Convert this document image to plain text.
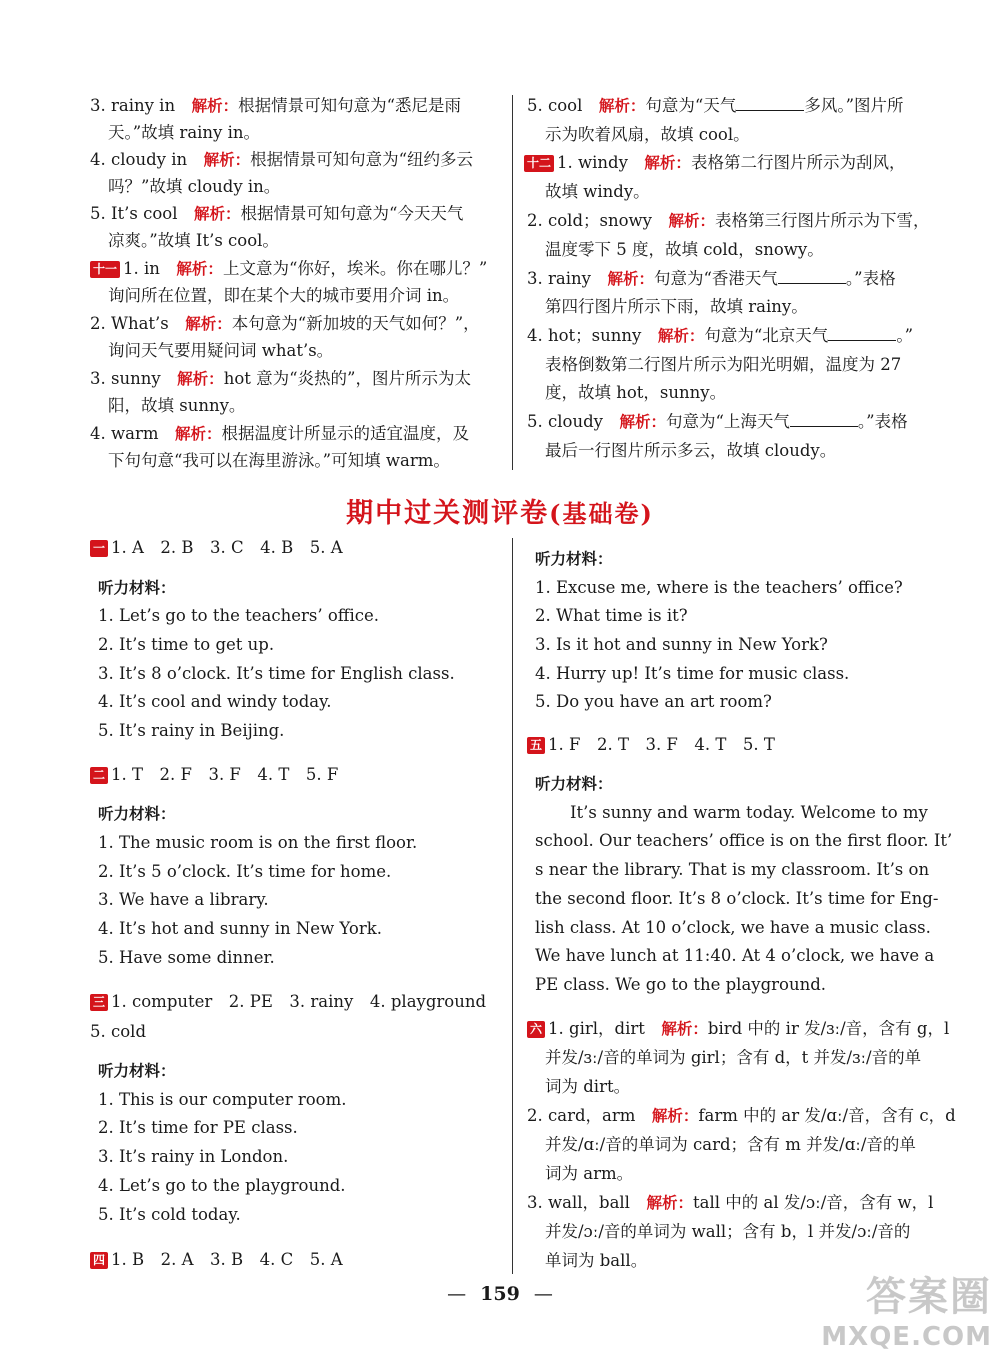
3. rainy in　 解析：根据情景可知句意为“悉尼是雨
天。”故填 rainy in。
4. cloudy in　 解析：根据情景可知句意为“纽约多云
吗？”故填 cloudy in。
5. It’s cool　 解析：根据情景可知句意为“今天天气
凉爽。”故填 It’s cool。
十一 1. in　 解析：上文意为“你好，埃米。你在哪儿？”
询问所在位置，即在某个大的城市要用介词 in。
2. What’s　 解析：本句意为“新加坡的天气如何？”，
询问天气要用疑问词 what’s。
3. sunny　 解析：hot 意为“炎热的”，图片所示为太
阳，故填 sunny。
4. warm　 解析：根据温度计所显示的适宜温度，及
下句句意“我可以在海里游泳。”可知填 warm。
5. cool　 解析：句意为“天气	多风。”图片所
示为吹着风扇，故填 cool。
十二 1. windy　 解析：表格第二行图片所示为刮风，
故填 windy。
2. cold；snowy　 解析：表格第三行图片所示为下雪，
温度零下 5 度，故填 cold，snowy。
3. rainy　 解析：句意为“香港天气	。”表格
第四行图片所示下雨，故填 rainy。
4. hot；sunny　 解析：句意为“北京天气	。”
表格倒数第二行图片所示为阳光明媚，温度为 27
度，故填 hot，sunny。
5. cloudy　 解析：句意为“上海天气	。”表格
最后一行图片所示多云，故填 cloudy。
期中过关测评卷(基础卷)
一 1. A　2. B　3. C　4. B　5. A
听力材料：
1. Let’s go to the teachers’ office.
2. It’s time to get up.
3. It’s 8 o’clock. It’s time for English class.
4. It’s cool and windy today.
5. It’s rainy in Beijing.
二 1. T　2. F　3. F　4. T　5. F
听力材料：
1. The music room is on the first floor.
2. It’s 5 o’clock. It’s time for home.
3. We have a library.
4. It’s hot and sunny in New York.
5. Have some dinner.
三 1. computer　2. PE　3. rainy　4. playground
5. cold
听力材料：
1. This is our computer room.
2. It’s time for PE class.
3. It’s rainy in London.
4. Let’s go to the playground.
5. It’s cold today.
四 1. B　2. A　3. B　4. C　5. A
听力材料：
1. Excuse me, where is the teachers’ office?
2. What time is it?
3. Is it hot and sunny in New York?
4. Hurry up! It’s time for music class.
5. Do you have an art room?
五 1. F　2. T　3. F　4. T　5. T
听力材料：
It’s sunny and warm today. Welcome to my
school. Our teachers’ office is on the first floor. It’
s near the library. That is my classroom. It’s on
the second floor. It’s 8 o’clock. It’s time for Eng-
lish class. At 10 o’clock, we have a music class.
We have lunch at 11:40. At 4 o’clock, we have a
PE class. We go to the playground.
六 1. girl，dirt　 解析：bird 中的 ir 发/ɜː/音，含有 g，l
并发/ɜː/音的单词为 girl；含有 d，t 并发/ɜː/音的单
词为 dirt。
2. card，arm　 解析：farm 中的 ar 发/ɑː/音，含有 c，d
并发/ɑː/音的单词为 card；含有 m 并发/ɑː/音的单
词为 arm。
3. wall，ball　 解析：tall 中的 al 发/ɔː/音，含有 w，l
并发/ɔː/音的单词为 wall；含有 b，l 并发/ɔː/音的
单词为 ball。
— 159 —	答案圈
MXQE.COM
